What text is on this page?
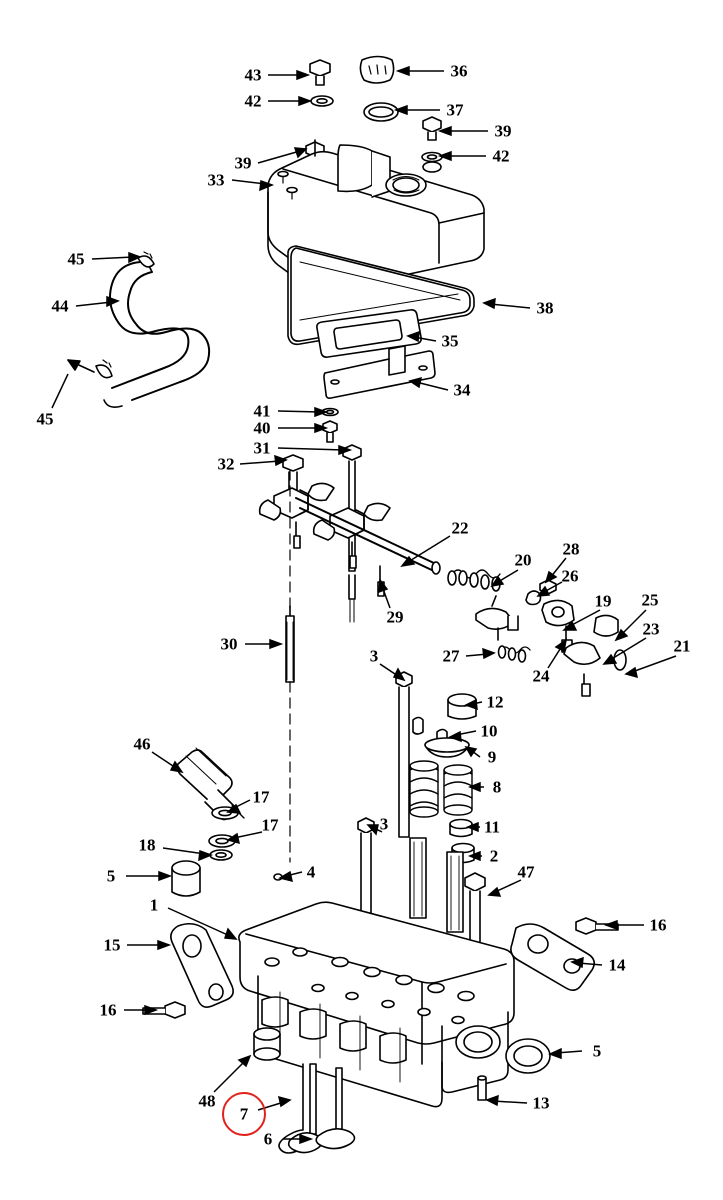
43	36
42	37
39
42
39
33
45
44	38
35
34
45	41
40
31
32
22
20
28
26
29
19 25
23
21
30
27
24
3
12
10
9
8
46
17
17	11
3
2
18
4	47
5
1
15
16
14
16
5
48
7
13
6
